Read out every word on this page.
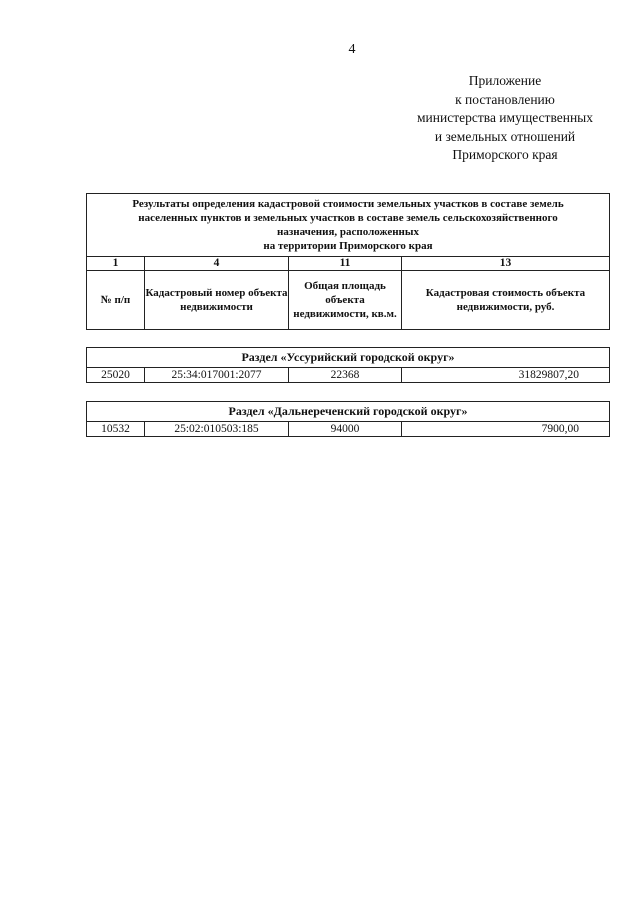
4
Приложение
к постановлению
министерства имущественных
и земельных отношений
Приморского края
Результаты определения кадастровой стоимости земельных участков в составе земель
населенных пунктов и земельных участков в составе земель сельскохозяйственного
назначения, расположенных
на территории Приморского края			

1	4	11	13
№ п/п	Кадастровый номер объекта недвижимости	Общая площадь объекта недвижимости, кв.м.	Кадастровая стоимость объекта недвижимости, руб.
Раздел «Уссурийский городской округ»
25020	25:34:017001:2077	22368	31829807,20
Раздел «Дальнереченский городской округ»
10532	25:02:010503:185	94000	7900,00
